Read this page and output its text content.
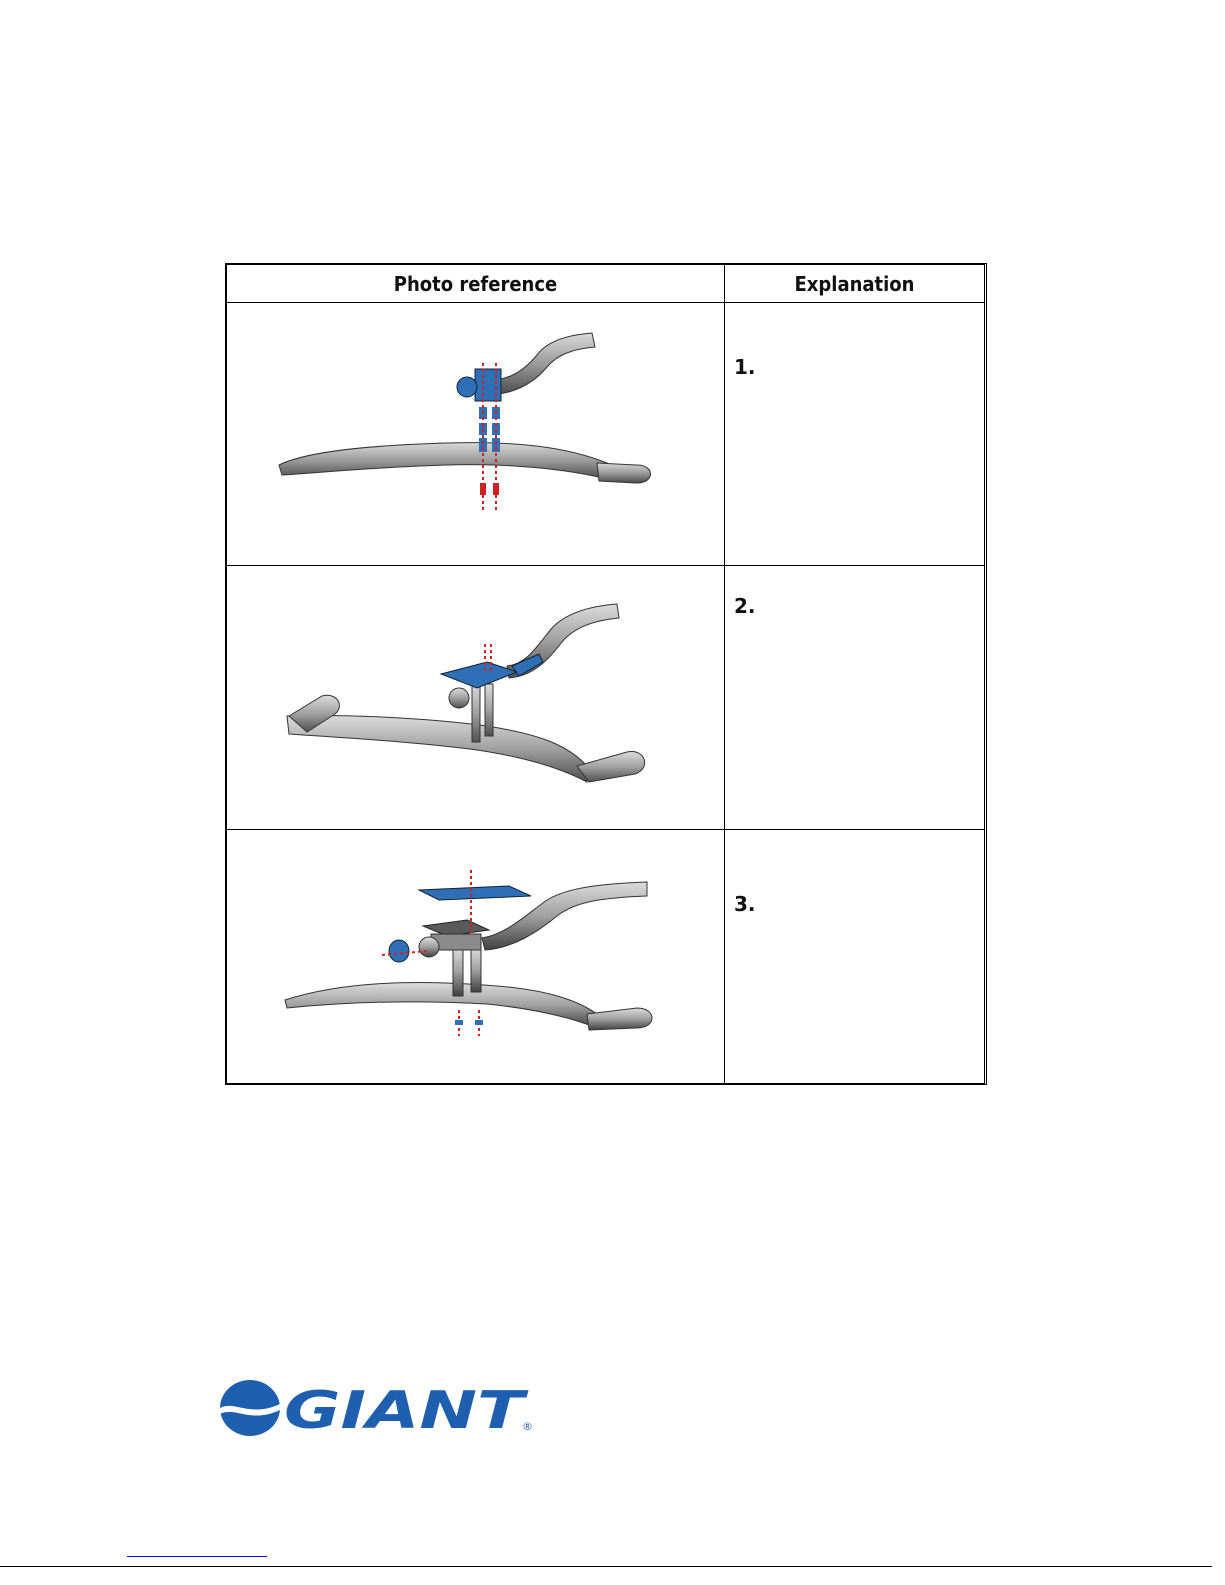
Photo reference	Explanation
1.
2.
3.
GIANT
®
